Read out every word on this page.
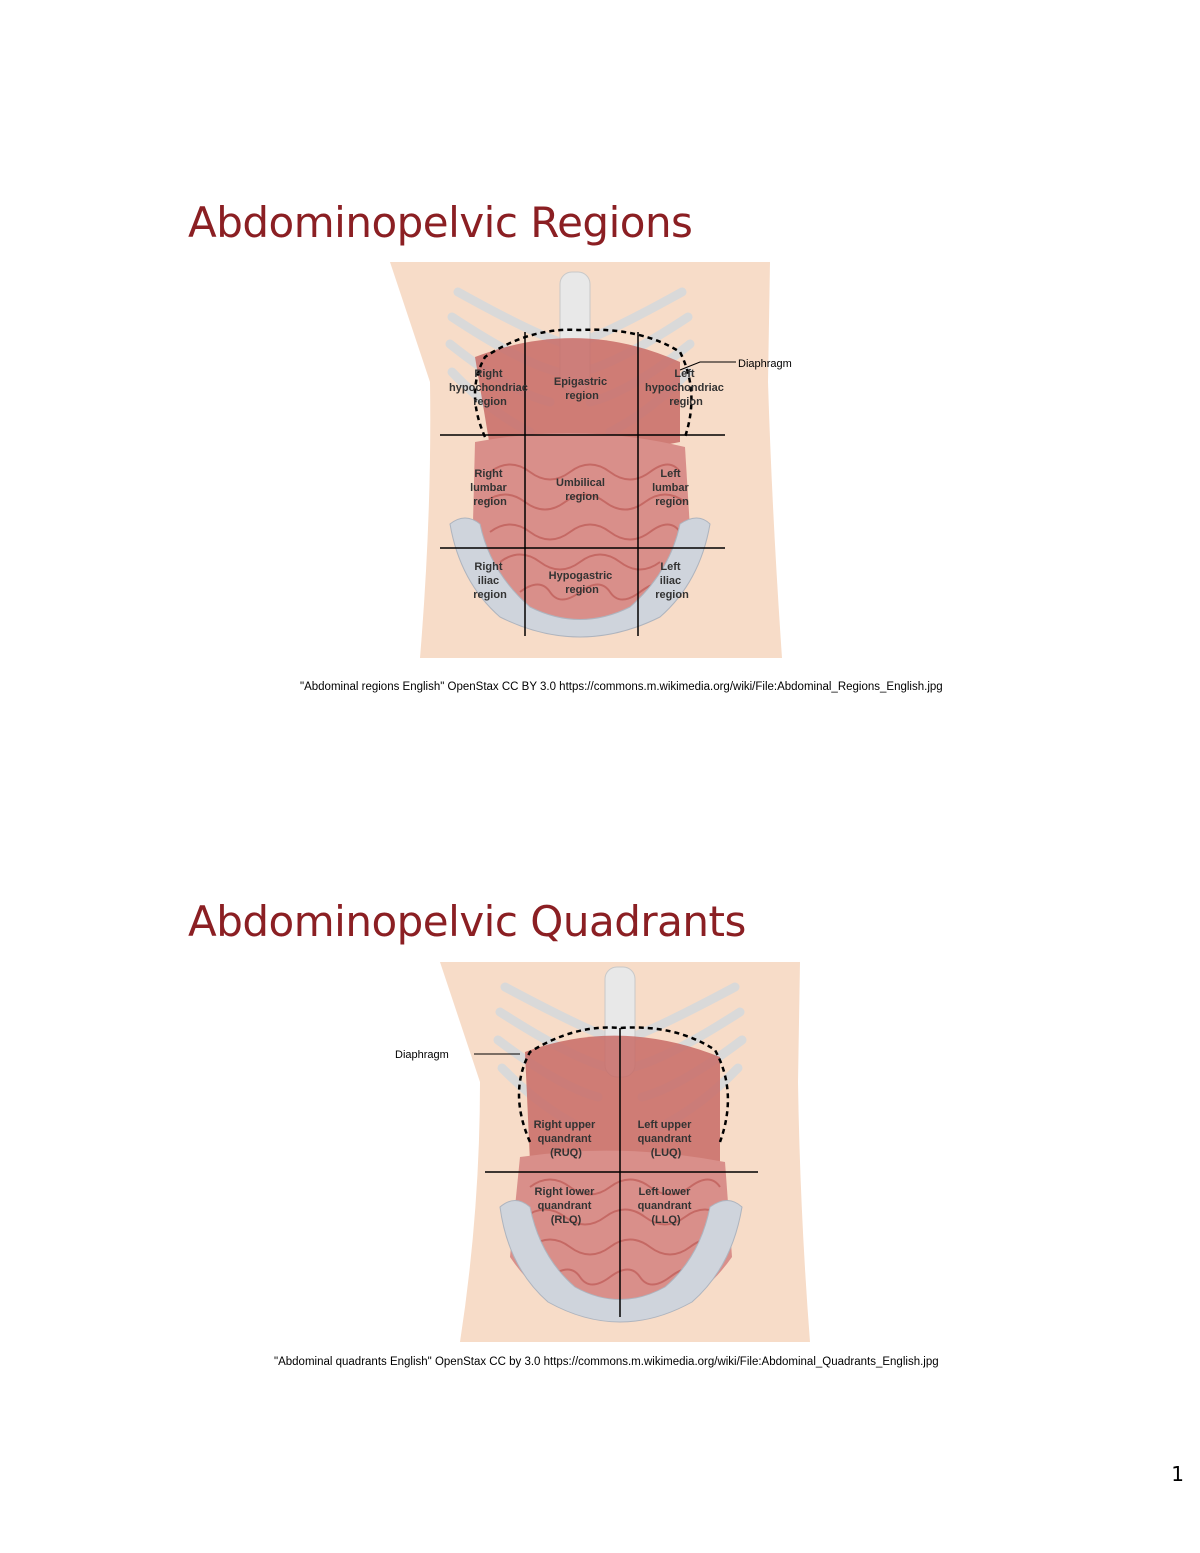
Abdominopelvic Regions
Diaphragm
Right hypochondriac region
Epigastric region
Left hypochondriac region
Right lumbar region
Umbilical region
Left lumbar region
Right iliac region
Hypogastric region
Left iliac region
"Abdominal regions English" OpenStax CC BY 3.0 https://commons.m.wikimedia.org/wiki/File:Abdominal_Regions_English.jpg
Abdominopelvic Quadrants
Diaphragm
Right upper quandrant (RUQ)
Left upper quandrant (LUQ)
Right lower quandrant (RLQ)
Left lower quandrant (LLQ)
"Abdominal quadrants English" OpenStax CC by 3.0 https://commons.m.wikimedia.org/wiki/File:Abdominal_Quadrants_English.jpg
1
